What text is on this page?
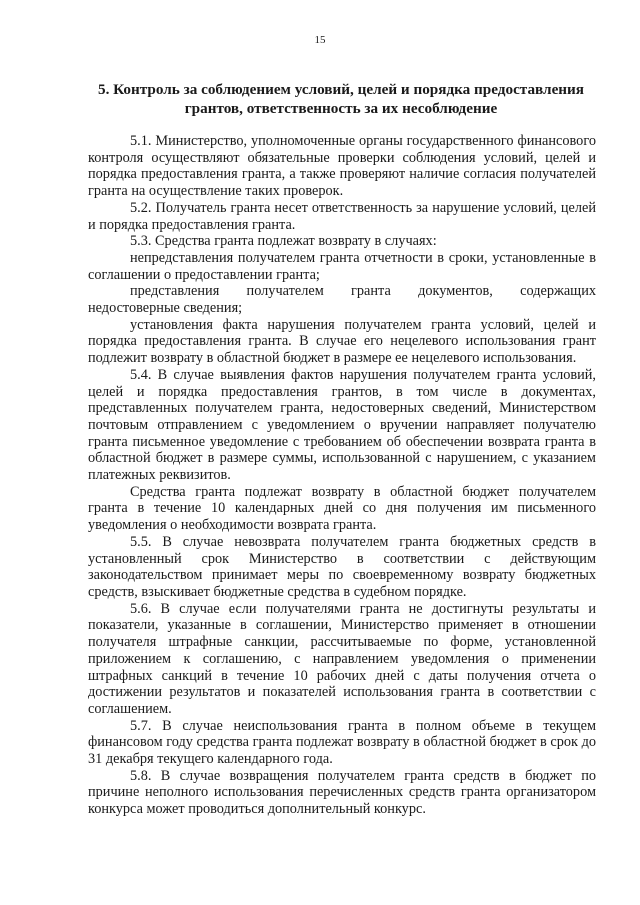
15
5. Контроль за соблюдением условий, целей и порядка предоставления грантов, ответственность за их несоблюдение

5.1. Министерство, уполномоченные органы государственного финансового контроля осуществляют обязательные проверки соблюдения условий, целей и порядка предоставления гранта, а также проверяют наличие согласия получателей гранта на осуществление таких проверок.

5.2. Получатель гранта несет ответственность за нарушение условий, целей и порядка предоставления гранта.

5.3. Средства гранта подлежат возврату в случаях:

непредставления получателем гранта отчетности в сроки, установленные в соглашении о предоставлении гранта;

представления получателем гранта документов, содержащих недостоверные сведения;

установления факта нарушения получателем гранта условий, целей и порядка предоставления гранта. В случае его нецелевого использования грант подлежит возврату в областной бюджет в размере ее нецелевого использования.

5.4. В случае выявления фактов нарушения получателем гранта условий, целей и порядка предоставления грантов, в том числе в документах, представленных получателем гранта, недостоверных сведений, Министерством почтовым отправлением с уведомлением о вручении направляет получателю гранта письменное уведомление с требованием об обеспечении возврата гранта в областной бюджет в размере суммы, использованной с нарушением, с указанием платежных реквизитов.

Средства гранта подлежат возврату в областной бюджет получателем гранта в течение 10 календарных дней со дня получения им письменного уведомления о необходимости возврата гранта.

5.5. В случае невозврата получателем гранта бюджетных средств в установленный срок Министерство в соответствии с действующим законодательством принимает меры по своевременному возврату бюджетных средств, взыскивает бюджетные средства в судебном порядке.

5.6. В случае если получателями гранта не достигнуты результаты и показатели, указанные в соглашении, Министерство применяет в отношении получателя штрафные санкции, рассчитываемые по форме, установленной приложением к соглашению, с направлением уведомления о применении штрафных санкций в течение 10 рабочих дней с даты получения отчета о достижении результатов и показателей использования гранта в соответствии с соглашением.

5.7. В случае неиспользования гранта в полном объеме в текущем финансовом году средства гранта подлежат возврату в областной бюджет в срок до 31 декабря текущего календарного года.

5.8. В случае возвращения получателем гранта средств в бюджет по причине неполного использования перечисленных средств гранта организатором конкурса может проводиться дополнительный конкурс.
